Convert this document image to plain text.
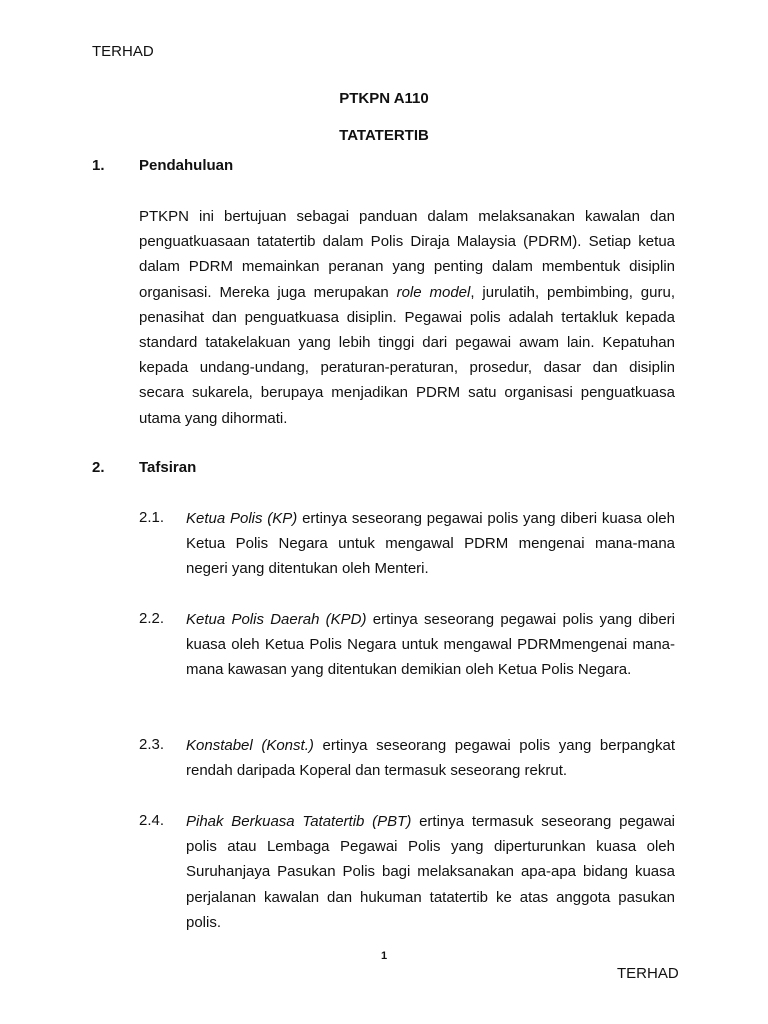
TERHAD

PTKPN A110

TATATERTIB

1. Pendahuluan

PTKPN ini bertujuan sebagai panduan dalam melaksanakan kawalan dan penguatkuasaan tatatertib dalam Polis Diraja Malaysia (PDRM). Setiap ketua dalam PDRM memainkan peranan yang penting dalam membentuk disiplin organisasi. Mereka juga merupakan role model, jurulatih, pembimbing, guru, penasihat dan penguatkuasa disiplin. Pegawai polis adalah tertakluk kepada standard tatakelakuan yang lebih tinggi dari pegawai awam lain. Kepatuhan kepada undang-undang, peraturan-peraturan, prosedur, dasar dan disiplin secara sukarela, berupaya menjadikan PDRM satu organisasi penguatkuasa utama yang dihormati.

2. Tafsiran

2.1. Ketua Polis (KP) ertinya seseorang pegawai polis yang diberi kuasa oleh Ketua Polis Negara untuk mengawal PDRM mengenai mana-mana negeri yang ditentukan oleh Menteri.

2.2. Ketua Polis Daerah (KPD) ertinya seseorang pegawai polis yang diberi kuasa oleh Ketua Polis Negara untuk mengawal PDRMmengenai mana-mana kawasan yang ditentukan demikian oleh Ketua Polis Negara.

2.3. Konstabel (Konst.) ertinya seseorang pegawai polis yang berpangkat rendah daripada Koperal dan termasuk seseorang rekrut.

2.4. Pihak Berkuasa Tatatertib (PBT) ertinya termasuk seseorang pegawai polis atau Lembaga Pegawai Polis yang diperturunkan kuasa oleh Suruhanjaya Pasukan Polis bagi melaksanakan apa-apa bidang kuasa perjalanan kawalan dan hukuman tatatertib ke atas anggota pasukan polis.

1

TERHAD
